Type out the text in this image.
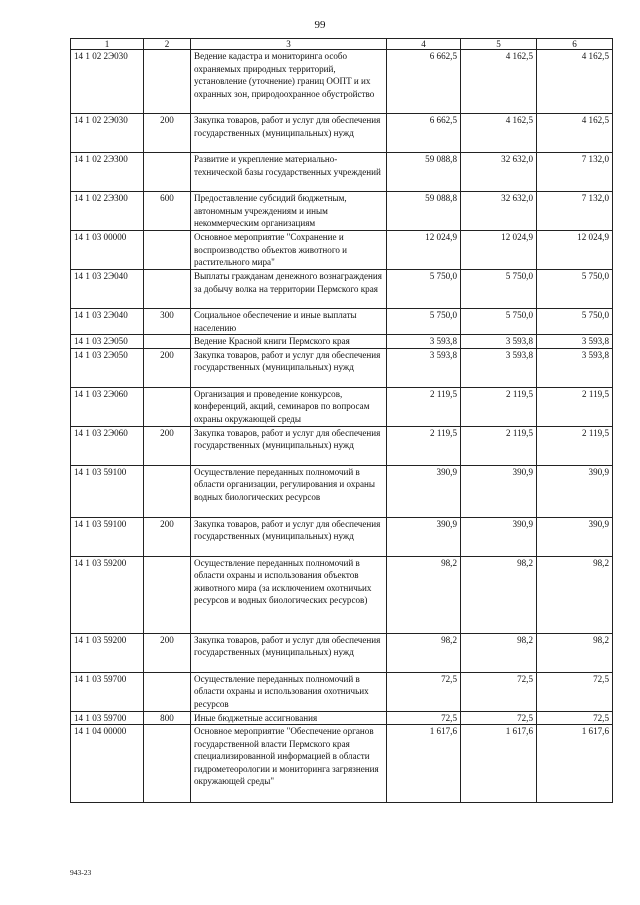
99
1	2	3	4	5	6
14 1 02 2Э030		Ведение кадастра и мониторинга особо охраняемых природных территорий, установление (уточнение) границ ООПТ и их охранных зон, природоохранное обустройство	6 662,5	4 162,5	4 162,5
14 1 02 2Э030	200	Закупка товаров, работ и услуг для обеспечения государственных (муниципальных) нужд	6 662,5	4 162,5	4 162,5
14 1 02 2Э300		Развитие и укрепление материально-технической базы государственных учреждений	59 088,8	32 632,0	7 132,0
14 1 02 2Э300	600	Предоставление субсидий бюджетным, автономным учреждениям и иным некоммерческим организациям	59 088,8	32 632,0	7 132,0
14 1 03 00000		Основное мероприятие "Сохранение и воспроизводство объектов животного и растительного мира"	12 024,9	12 024,9	12 024,9
14 1 03 2Э040		Выплаты гражданам денежного вознаграждения за добычу волка на территории Пермского края	5 750,0	5 750,0	5 750,0
14 1 03 2Э040	300	Социальное обеспечение и иные выплаты населению	5 750,0	5 750,0	5 750,0
14 1 03 2Э050		Ведение Красной книги Пермского края	3 593,8	3 593,8	3 593,8
14 1 03 2Э050	200	Закупка товаров, работ и услуг для обеспечения государственных (муниципальных) нужд	3 593,8	3 593,8	3 593,8
14 1 03 2Э060		Организация и проведение конкурсов, конференций, акций, семинаров по вопросам охраны окружающей среды	2 119,5	2 119,5	2 119,5
14 1 03 2Э060	200	Закупка товаров, работ и услуг для обеспечения государственных (муниципальных) нужд	2 119,5	2 119,5	2 119,5
14 1 03 59100		Осуществление переданных полномочий в области организации, регулирования и охраны водных биологических ресурсов	390,9	390,9	390,9
14 1 03 59100	200	Закупка товаров, работ и услуг для обеспечения государственных (муниципальных) нужд	390,9	390,9	390,9
14 1 03 59200		Осуществление переданных полномочий в области охраны и использования объектов животного мира (за исключением охотничьих ресурсов и водных биологических ресурсов)	98,2	98,2	98,2
14 1 03 59200	200	Закупка товаров, работ и услуг для обеспечения государственных (муниципальных) нужд	98,2	98,2	98,2
14 1 03 59700		Осуществление переданных полномочий в области охраны и использования охотничьих ресурсов	72,5	72,5	72,5
14 1 03 59700	800	Иные бюджетные ассигнования	72,5	72,5	72,5
14 1 04 00000		Основное мероприятие "Обеспечение органов государственной власти Пермского края специализированной информацией в области гидрометеорологии и мониторинга загрязнения окружающей среды"	1 617,6	1 617,6	1 617,6
943-23
